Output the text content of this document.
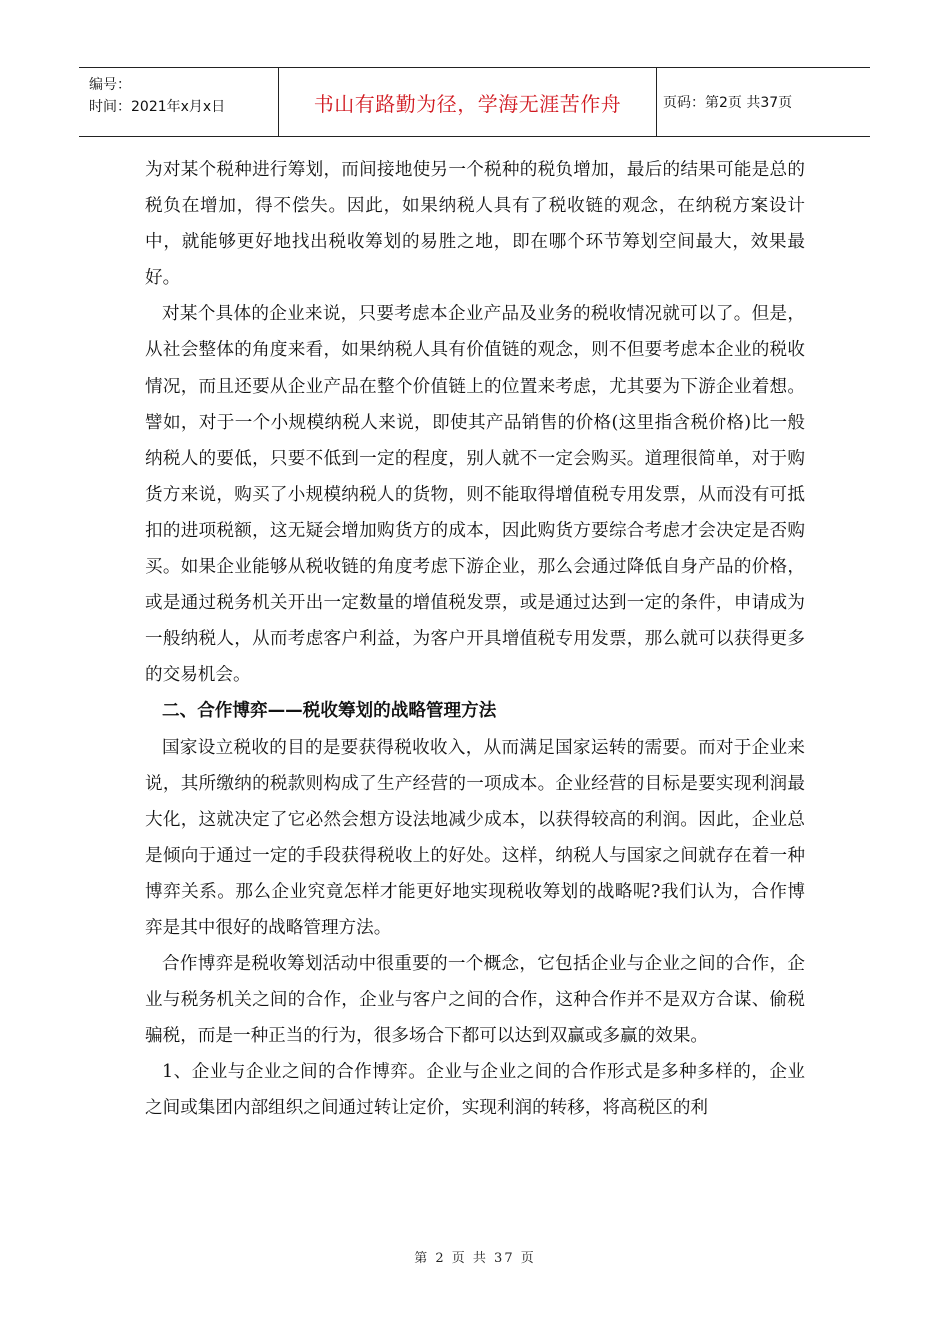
编号：
时间：2021年x月x日	书山有路勤为径，学海无涯苦作舟	页码：第2页 共37页

为对某个税种进行筹划，而间接地使另一个税种的税负增加，最后的结果可能是总的税负在增加，得不偿失。因此，如果纳税人具有了税收链的观念，在纳税方案设计中，就能够更好地找出税收筹划的易胜之地，即在哪个环节筹划空间最大，效果最好。

对某个具体的企业来说，只要考虑本企业产品及业务的税收情况就可以了。但是，从社会整体的角度来看，如果纳税人具有价值链的观念，则不但要考虑本企业的税收情况，而且还要从企业产品在整个价值链上的位置来考虑，尤其要为下游企业着想。譬如，对于一个小规模纳税人来说，即使其产品销售的价格(这里指含税价格)比一般纳税人的要低，只要不低到一定的程度，别人就不一定会购买。道理很简单，对于购货方来说，购买了小规模纳税人的货物，则不能取得增值税专用发票，从而没有可抵扣的进项税额，这无疑会增加购货方的成本，因此购货方要综合考虑才会决定是否购买。如果企业能够从税收链的角度考虑下游企业，那么会通过降低自身产品的价格，或是通过税务机关开出一定数量的增值税发票，或是通过达到一定的条件，申请成为一般纳税人，从而考虑客户利益，为客户开具增值税专用发票，那么就可以获得更多的交易机会。

二、合作博弈——税收筹划的战略管理方法

国家设立税收的目的是要获得税收收入，从而满足国家运转的需要。而对于企业来说，其所缴纳的税款则构成了生产经营的一项成本。企业经营的目标是要实现利润最大化，这就决定了它必然会想方设法地减少成本，以获得较高的利润。因此，企业总是倾向于通过一定的手段获得税收上的好处。这样，纳税人与国家之间就存在着一种博弈关系。那么企业究竟怎样才能更好地实现税收筹划的战略呢?我们认为，合作博弈是其中很好的战略管理方法。

合作博弈是税收筹划活动中很重要的一个概念，它包括企业与企业之间的合作，企业与税务机关之间的合作，企业与客户之间的合作，这种合作并不是双方合谋、偷税骗税，而是一种正当的行为，很多场合下都可以达到双赢或多赢的效果。

1、企业与企业之间的合作博弈。企业与企业之间的合作形式是多种多样的，企业之间或集团内部组织之间通过转让定价，实现利润的转移，将高税区的利

第 2 页 共 37 页
